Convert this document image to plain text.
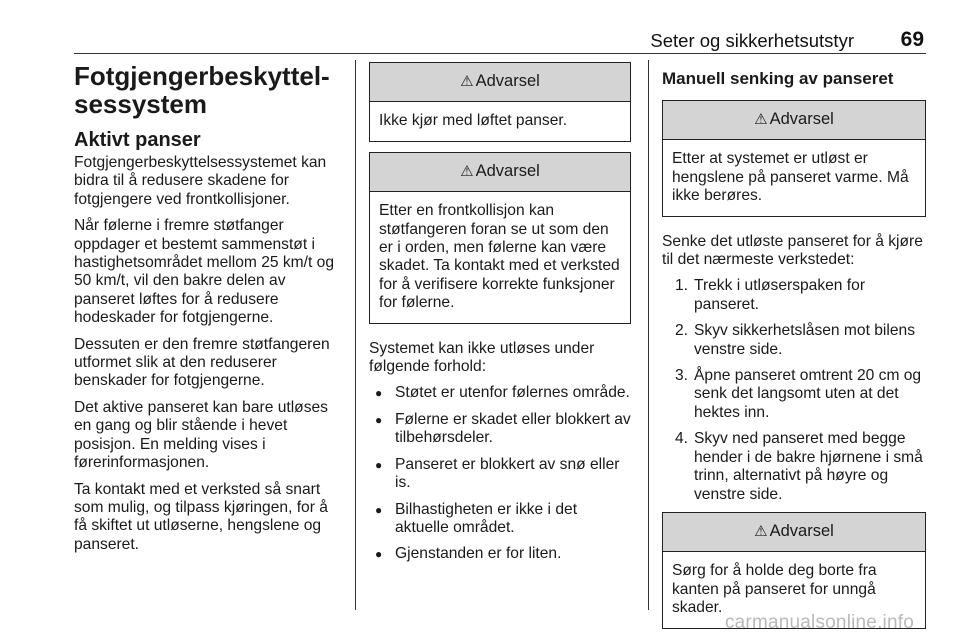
Seter og sikkerhetsutstyr 69
Fotgjengerbeskyttel-
sessystem
Aktivt panser

Fotgjengerbeskyttelsessystemet kan bidra til å redusere skadene for fotgjengere ved frontkollisjoner.

Når følerne i fremre støtfanger oppdager et bestemt sammenstøt i hastighetsområdet mellom 25 km/t og 50 km/t, vil den bakre delen av panseret løftes for å redusere hodeskader for fotgjengerne.

Dessuten er den fremre støtfangeren utformet slik at den reduserer benskader for fotgjengerne.

Det aktive panseret kan bare utløses en gang og blir stående i hevet posisjon. En melding vises i førerinformasjonen.

Ta kontakt med et verksted så snart som mulig, og tilpass kjøringen, for å få skiftet ut utløserne, hengslene og panseret.

⚠ Advarsel
Ikke kjør med løftet panser.
⚠ Advarsel
Etter en frontkollisjon kan støtfangeren foran se ut som den er i orden, men følerne kan være skadet. Ta kontakt med et verksted for å verifisere korrekte funksjoner for følerne.

Systemet kan ikke utløses under følgende forhold:

● Støtet er utenfor følernes område.
● Følerne er skadet eller blokkert av tilbehørsdeler.
● Panseret er blokkert av snø eller is.
● Bilhastigheten er ikke i det aktuelle området.
● Gjenstanden er for liten.
Manuell senking av panseret
⚠ Advarsel
Etter at systemet er utløst er hengslene på panseret varme. Må ikke berøres.

Senke det utløste panseret for å kjøre til det nærmeste verkstedet:

1. Trekk i utløserspaken for panseret.
2. Skyv sikkerhetslåsen mot bilens venstre side.
3. Åpne panseret omtrent 20 cm og senk det langsomt uten at det hektes inn.
4. Skyv ned panseret med begge hender i de bakre hjørnene i små trinn, alternativt på høyre og venstre side.
⚠ Advarsel
Sørg for å holde deg borte fra kanten på panseret for unngå skader.
carmanualsonline.info
